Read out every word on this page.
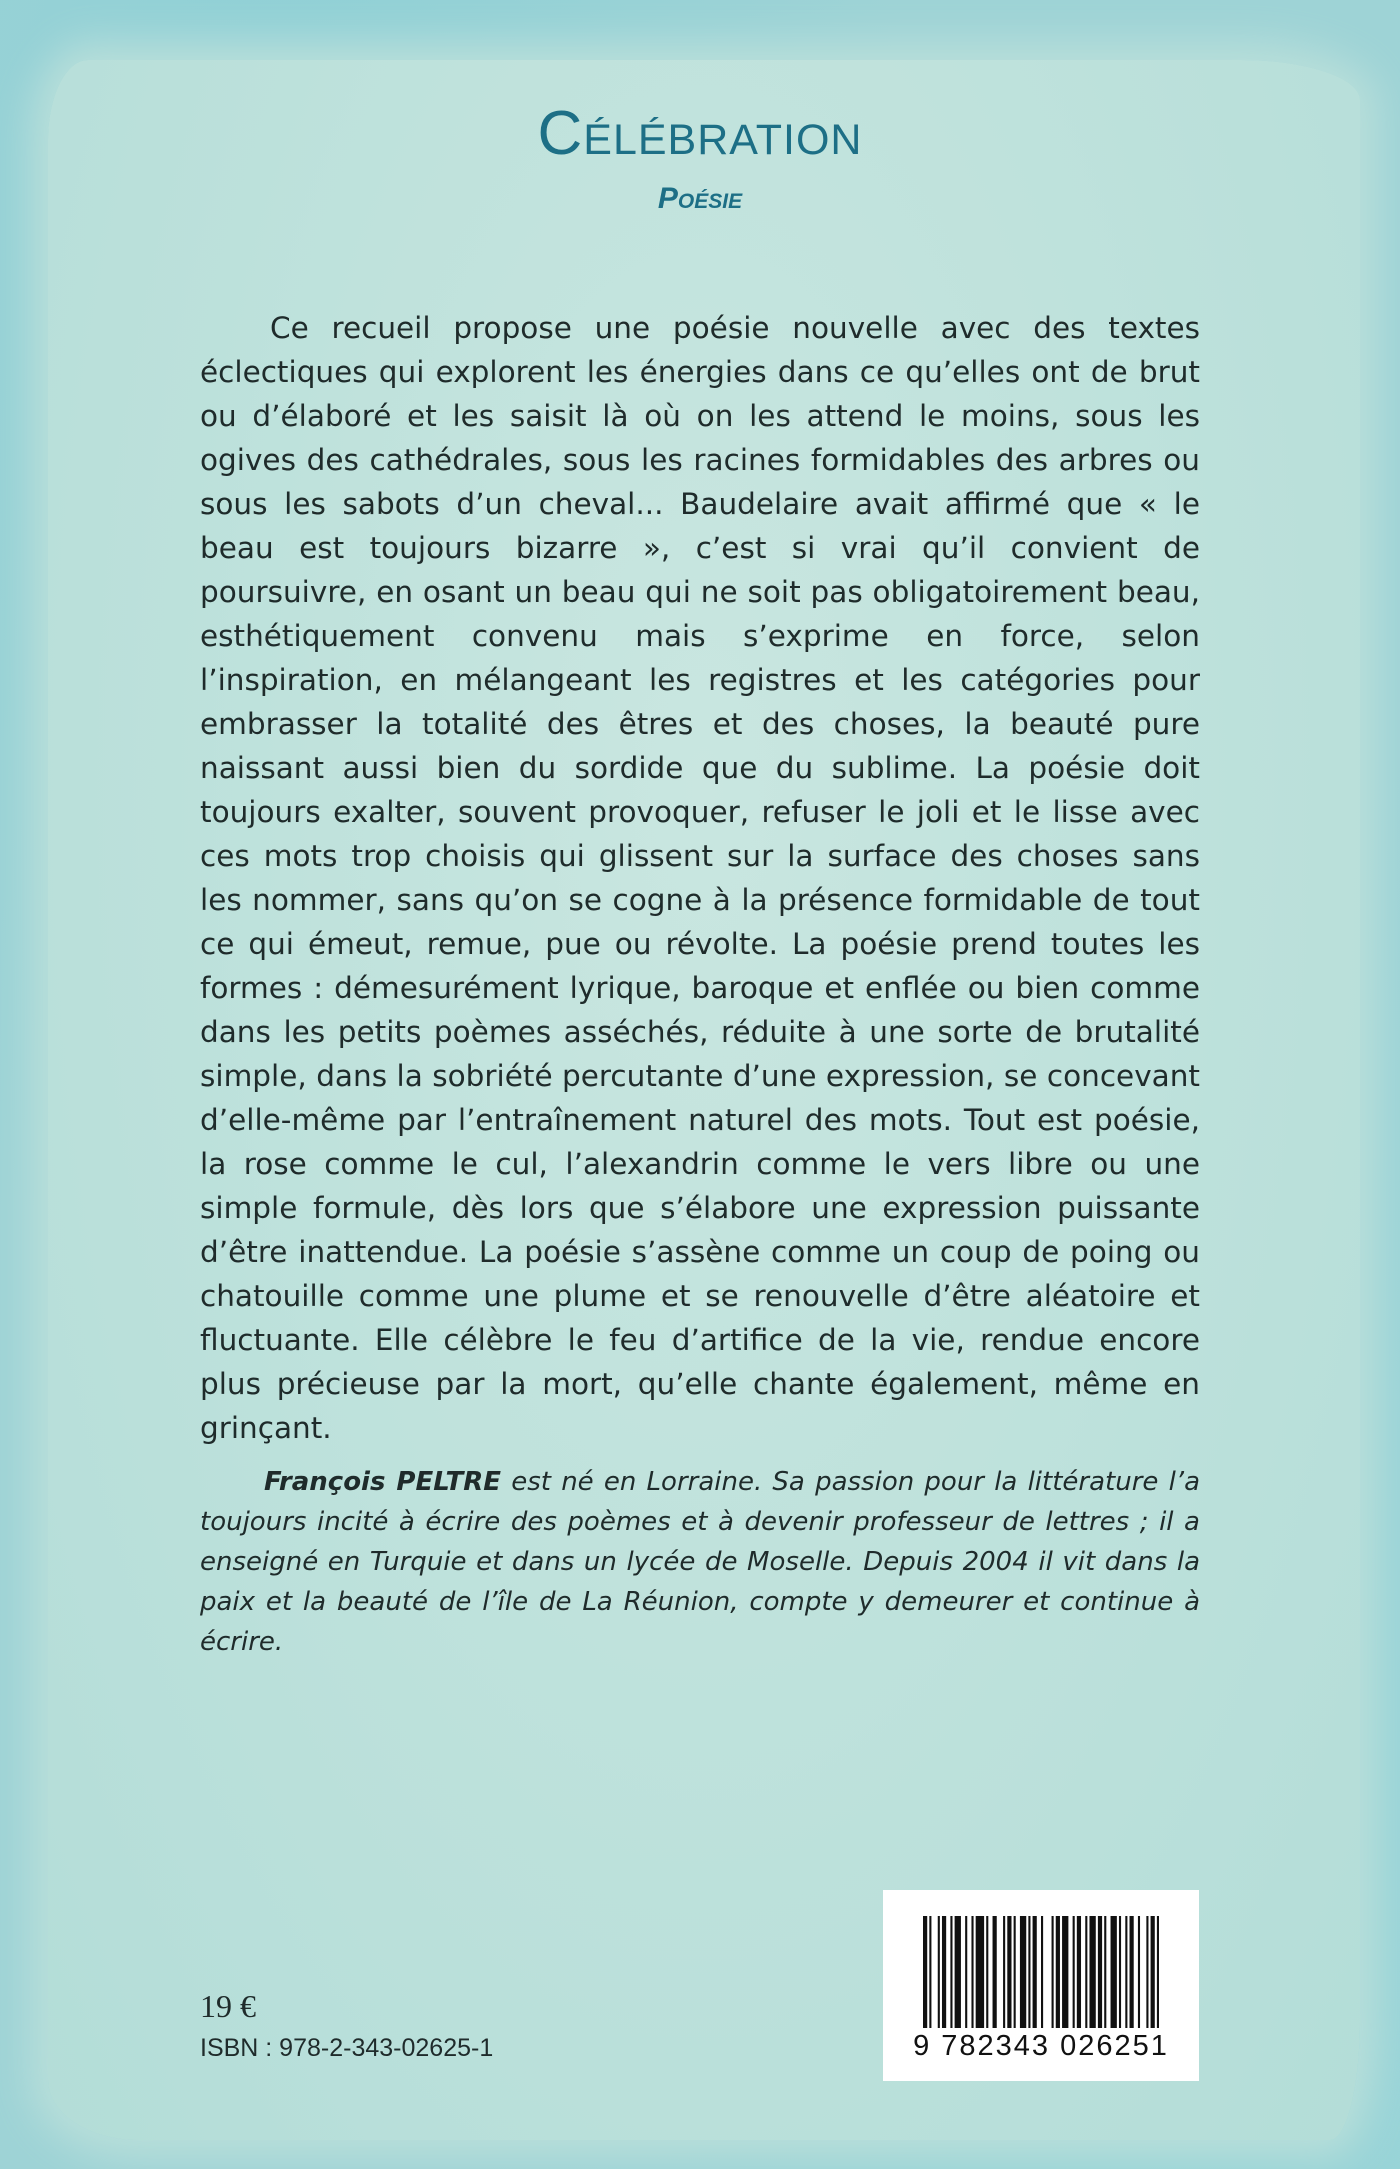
Célébration
Poésie

Ce recueil propose une poésie nouvelle avec des textes éclectiques qui explorent les énergies dans ce qu’elles ont de brut ou d’élaboré et les saisit là où on les attend le moins, sous les ogives des cathédrales, sous les racines formidables des arbres ou sous les sabots d’un cheval... Baudelaire avait affirmé que « le beau est toujours bizarre », c’est si vrai qu’il convient de poursuivre, en osant un beau qui ne soit pas obligatoirement beau, esthétiquement convenu mais s’exprime en force, selon l’inspiration, en mélangeant les registres et les catégories pour embrasser la totalité des êtres et des choses, la beauté pure naissant aussi bien du sordide que du sublime. La poésie doit toujours exalter, souvent provoquer, refuser le joli et le lisse avec ces mots trop choisis qui glissent sur la surface des choses sans les nommer, sans qu’on se cogne à la présence formidable de tout ce qui émeut, remue, pue ou révolte. La poésie prend toutes les formes : démesurément lyrique, baroque et enflée ou bien comme dans les petits poèmes asséchés, réduite à une sorte de brutalité simple, dans la sobriété percutante d’une expression, se concevant d’elle-même par l’entraînement naturel des mots. Tout est poésie, la rose comme le cul, l’alexandrin comme le vers libre ou une simple formule, dès lors que s’élabore une expression puissante d’être inattendue. La poésie s’assène comme un coup de poing ou chatouille comme une plume et se renouvelle d’être aléatoire et fluctuante. Elle célèbre le feu d’artifice de la vie, rendue encore plus précieuse par la mort, qu’elle chante également, même en grinçant.

François PELTRE est né en Lorraine. Sa passion pour la littérature l’a toujours incité à écrire des poèmes et à devenir professeur de lettres ; il a enseigné en Turquie et dans un lycée de Moselle. Depuis 2004 il vit dans la paix et la beauté de l’île de La Réunion, compte y demeurer et continue à écrire.

19 €
ISBN : 978-2-343-02625-1	9 782343 026251
